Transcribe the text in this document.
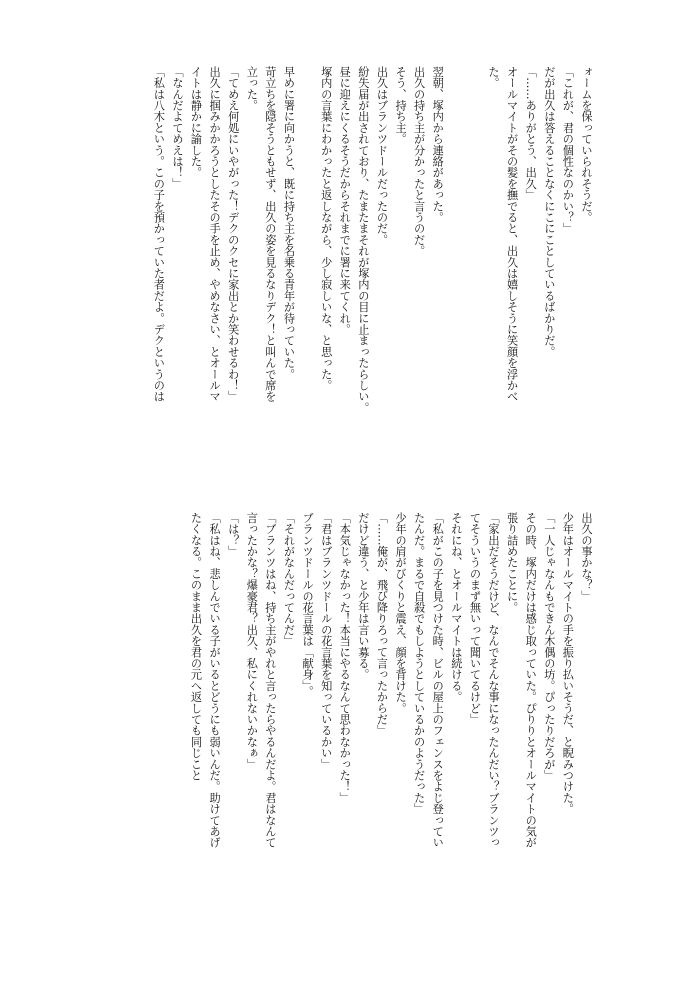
ォームを保っていられそうだ。
「これが、君の個性なのかい？」
だが出久は答えることなくにこにことしているばかりだ。
「……ありがとう、出久」
オールマイトがその髪を撫でると、出久は嬉しそうに笑顔を浮かべ
た。

翌朝、塚内から連絡があった。
出久の持ち主が分かったと言うのだ。
そう、持ち主。
出久はブランツドールだったのだ。
紛失届が出されており、たまたまそれが塚内の目に止まったらしい。
昼に迎えにくるそうだからそれまでに署に来てくれ。
塚内の言葉にわかったと返しながら、少し寂しいな、と思った。

早めに署に向かうと、既に持ち主を名乗る青年が待っていた。
苛立ちを隠そうともせず、出久の姿を見るなりデク！と叫んで席を
立った。
「てめえ何処にいやがった！デクのクセに家出とか笑わせるわ！」
出久に掴みかかろうとしたその手を止め、やめなさい、とオールマ
イトは静かに諭した。
「なんだよてめえは！」
「私は八木という。この子を預かっていた者だよ。デクというのは
出久の事かな？」
少年はオールマイトの手を振り払いそうだ、と睨みつけた。
「一人じゃなんもできん木偶の坊。ぴったりだろが」
その時、塚内だけは感じ取っていた。ぴりりとオールマイトの気が
張り詰めたことに。
「家出だそうだけど、なんでそんな事になったんだい？ブランツっ
てそういうのまず無いって聞いてるけど」
それにね、とオールマイトは続ける。
「私がこの子を見つけた時、ビルの屋上のフェンスをよじ登ってい
たんだ。まるで自殺でもしようとしているかのようだった」
少年の肩がびくりと震え、顔を背けた。
「……俺が、飛び降りろって言ったからだ」
だけど違う、と少年は言い募る。
「本気じゃなかった！本当にやるなんて思わなかった！」
「君はブランツドールの花言葉を知っているかい」
ブランツドールの花言葉は「献身」。
「それがなんだってんだ」
「ブランツはね、持ち主がやれと言ったらやるんだよ。君はなんて
言ったかな？爆豪君？出久、私にくれないかなぁ」
「は？」
「私はね、悲しんでいる子がいるとどうにも弱いんだ。助けてあげ
たくなる。このまま出久を君の元へ返しても同じこと
